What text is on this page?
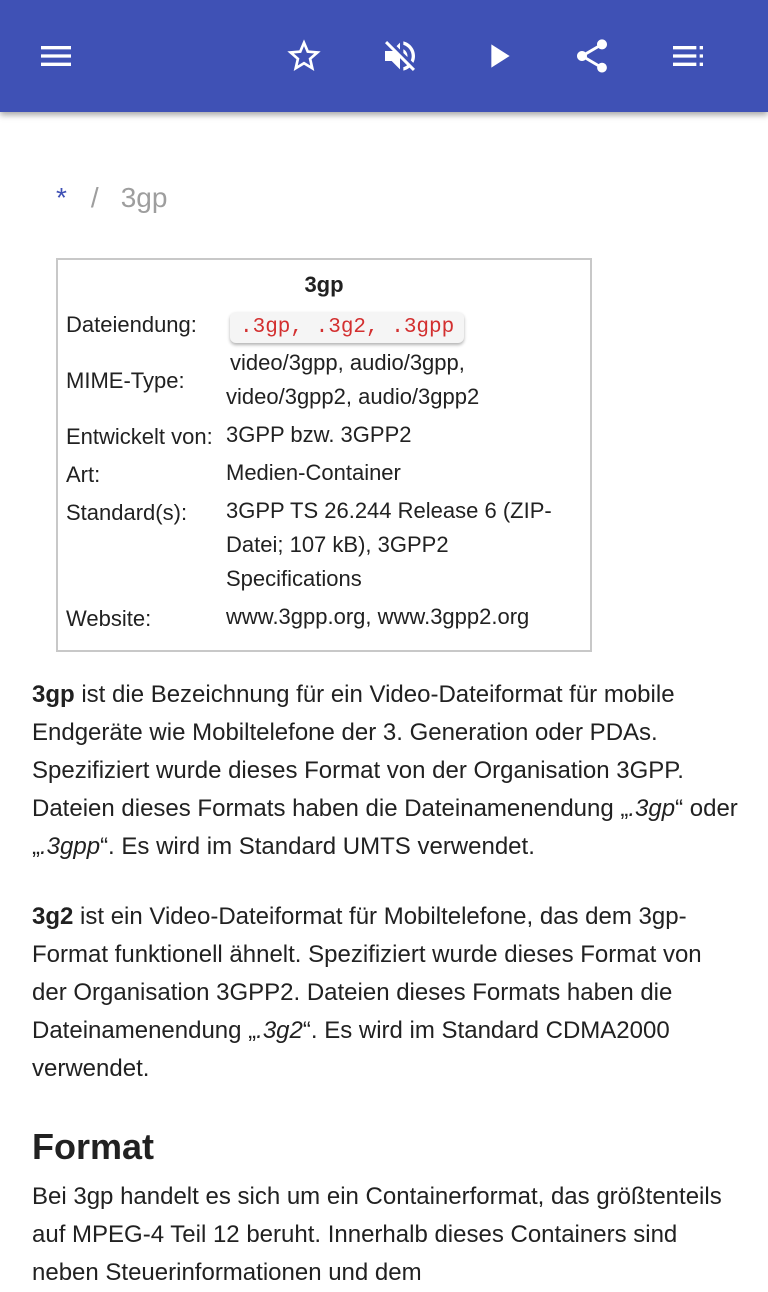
* / 3gp
3gp
Dateiendung:	.3gp, .3g2, .3gpp
MIME-Type:
video/3gpp, audio/3gpp, video/3gpp2, audio/3gpp2
Entwickelt von: 3GPP bzw. 3GPP2
Art:	Medien-Container
Standard(s): 3GPP TS 26.244 Release 6 (ZIP-Datei; 107 kB), 3GPP2 Specifications
Website:	www.3gpp.org, www.3gpp2.org

3gp ist die Bezeichnung für ein Video-Dateiformat für mobile Endgeräte wie Mobiltelefone der 3. Generation oder PDAs. Spezifiziert wurde dieses Format von der Organisation 3GPP. Dateien dieses Formats haben die Dateinamenendung „.3gp“ oder „.3gpp“. Es wird im Standard UMTS verwendet.

3g2 ist ein Video-Dateiformat für Mobiltelefone, das dem 3gp-Format funktionell ähnelt. Spezifiziert wurde dieses Format von der Organisation 3GPP2. Dateien dieses Formats haben die Dateinamenendung „.3g2“. Es wird im Standard CDMA2000 verwendet.

Format

Bei 3gp handelt es sich um ein Containerformat, das größtenteils auf MPEG-4 Teil 12 beruht. Innerhalb dieses Containers sind neben Steuerinformationen und dem
